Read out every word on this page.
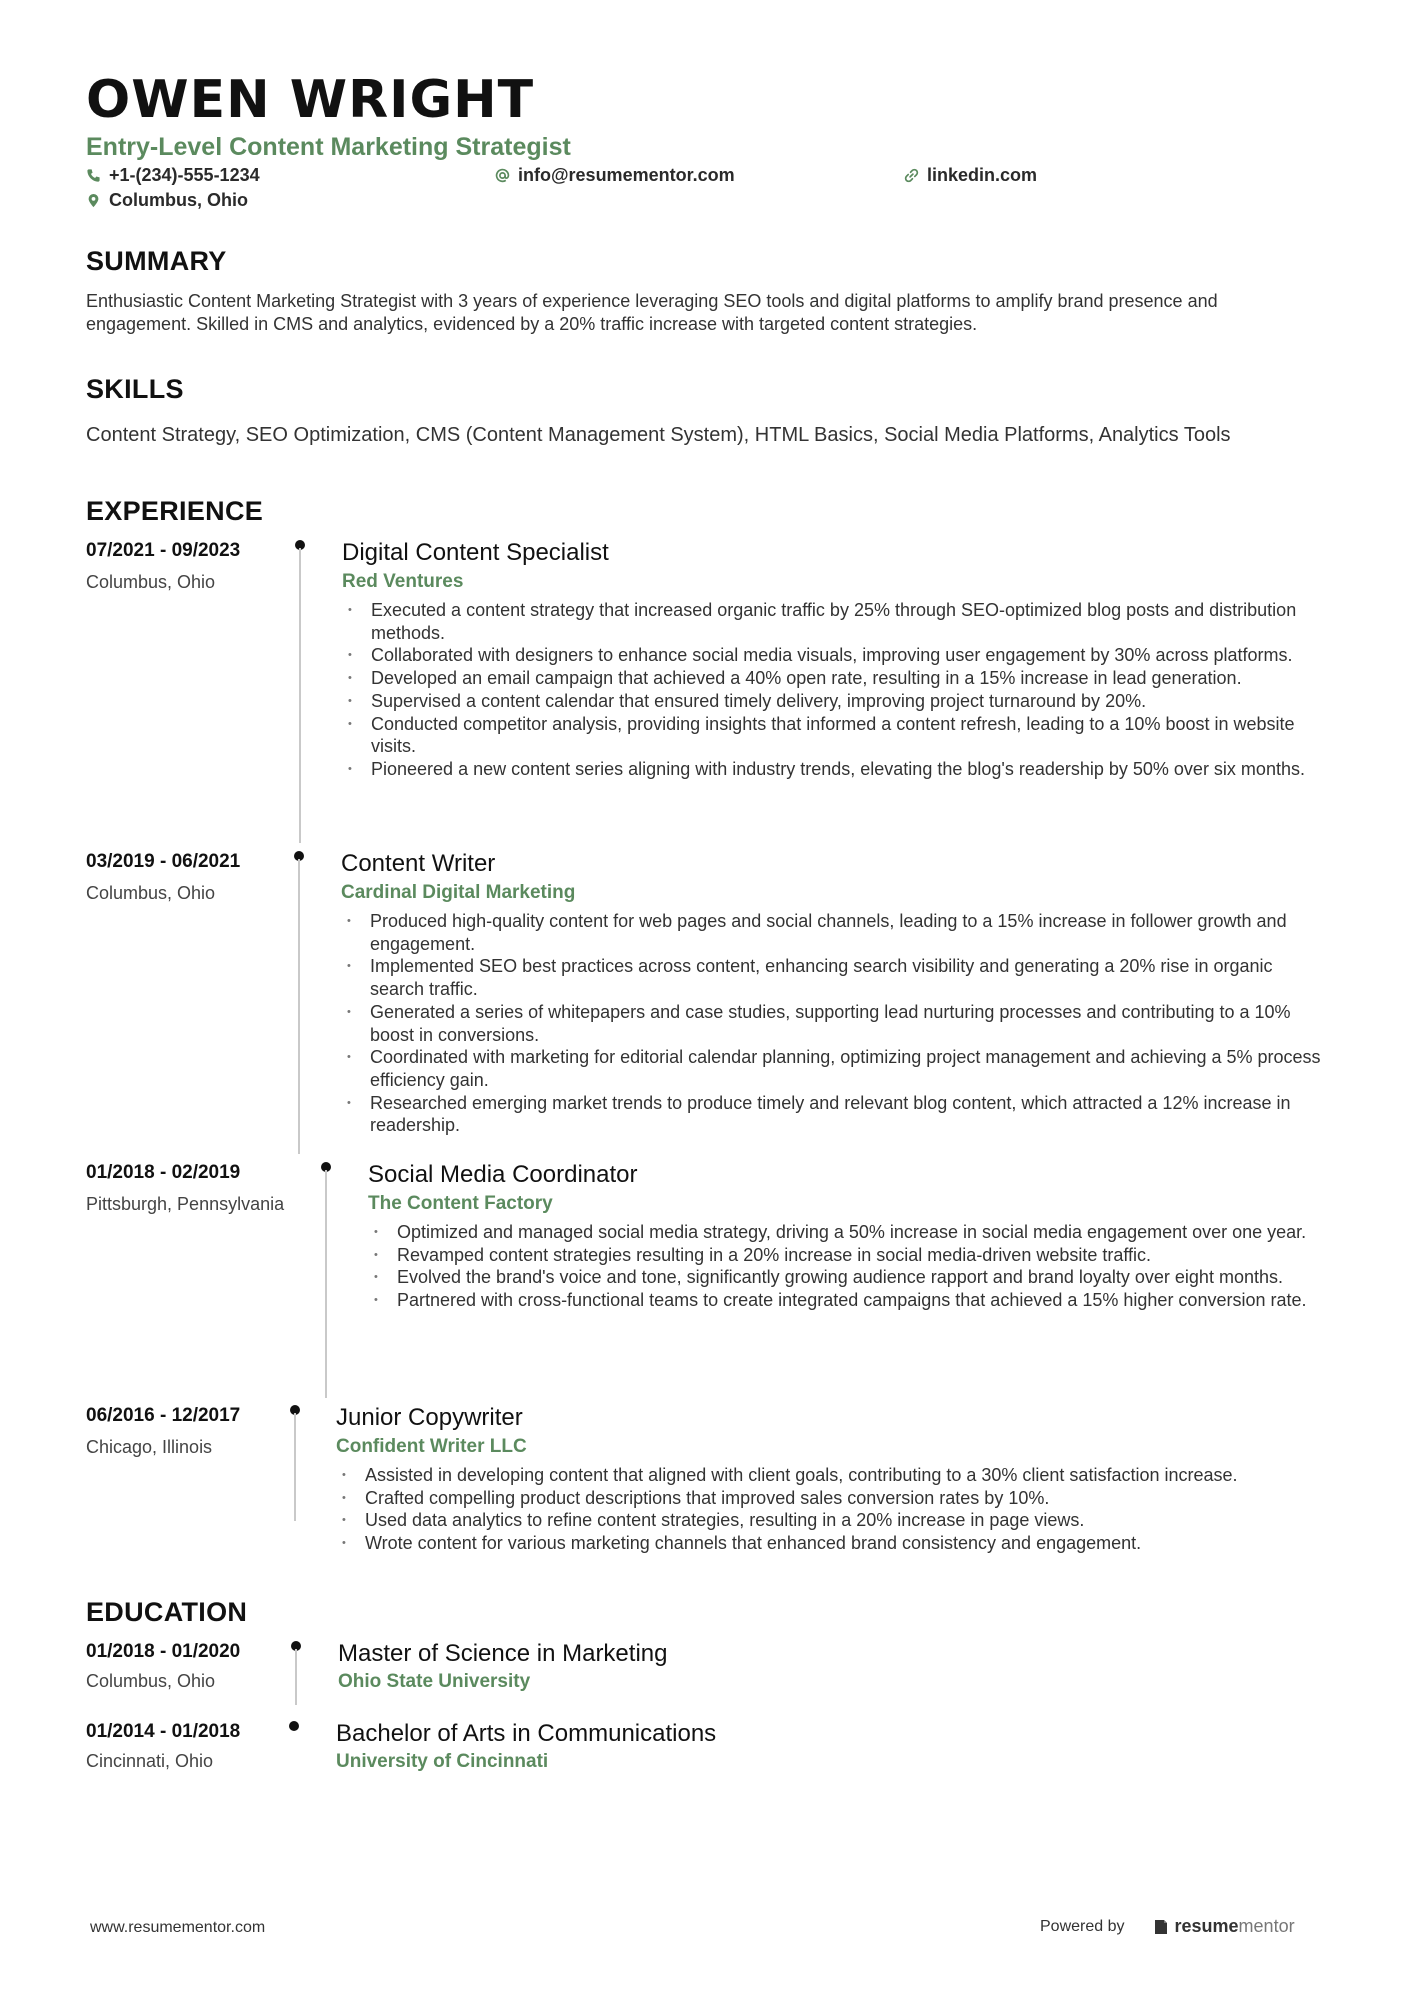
OWEN WRIGHT

Entry-Level Content Marketing Strategist

+1-(234)-555-1234	info@resumementor.com	linkedin.com
Columbus, Ohio
SUMMARY

Enthusiastic Content Marketing Strategist with 3 years of experience leveraging SEO tools and digital platforms to amplify brand presence and engagement. Skilled in CMS and analytics, evidenced by a 20% traffic increase with targeted content strategies.

SKILLS

Content Strategy, SEO Optimization, CMS (Content Management System), HTML Basics, Social Media Platforms, Analytics Tools

EXPERIENCE
07/2021 - 09/2023
Columbus, Ohio

Digital Content Specialist

Red Ventures

• Executed a content strategy that increased organic traffic by 25% through SEO-optimized blog posts and distribution methods.
• Collaborated with designers to enhance social media visuals, improving user engagement by 30% across platforms.
• Developed an email campaign that achieved a 40% open rate, resulting in a 15% increase in lead generation.
• Supervised a content calendar that ensured timely delivery, improving project turnaround by 20%.
• Conducted competitor analysis, providing insights that informed a content refresh, leading to a 10% boost in website visits.
• Pioneered a new content series aligning with industry trends, elevating the blog's readership by 50% over six months.
03/2019 - 06/2021
Columbus, Ohio

Content Writer

Cardinal Digital Marketing

• Produced high-quality content for web pages and social channels, leading to a 15% increase in follower growth and engagement.
• Implemented SEO best practices across content, enhancing search visibility and generating a 20% rise in organic search traffic.
• Generated a series of whitepapers and case studies, supporting lead nurturing processes and contributing to a 10% boost in conversions.
• Coordinated with marketing for editorial calendar planning, optimizing project management and achieving a 5% process efficiency gain.
• Researched emerging market trends to produce timely and relevant blog content, which attracted a 12% increase in readership.
01/2018 - 02/2019
Pittsburgh, Pennsylvania

Social Media Coordinator

The Content Factory

• Optimized and managed social media strategy, driving a 50% increase in social media engagement over one year.
• Revamped content strategies resulting in a 20% increase in social media-driven website traffic.
• Evolved the brand's voice and tone, significantly growing audience rapport and brand loyalty over eight months.
• Partnered with cross-functional teams to create integrated campaigns that achieved a 15% higher conversion rate.
06/2016 - 12/2017
Chicago, Illinois

Junior Copywriter

Confident Writer LLC

• Assisted in developing content that aligned with client goals, contributing to a 30% client satisfaction increase.
• Crafted compelling product descriptions that improved sales conversion rates by 10%.
• Used data analytics to refine content strategies, resulting in a 20% increase in page views.
• Wrote content for various marketing channels that enhanced brand consistency and engagement.
EDUCATION
01/2018 - 01/2020
Columbus, Ohio

Master of Science in Marketing

Ohio State University

01/2014 - 01/2018
Cincinnati, Ohio

Bachelor of Arts in Communications

University of Cincinnati

www.resumementor.com	Powered by	resume mentor
